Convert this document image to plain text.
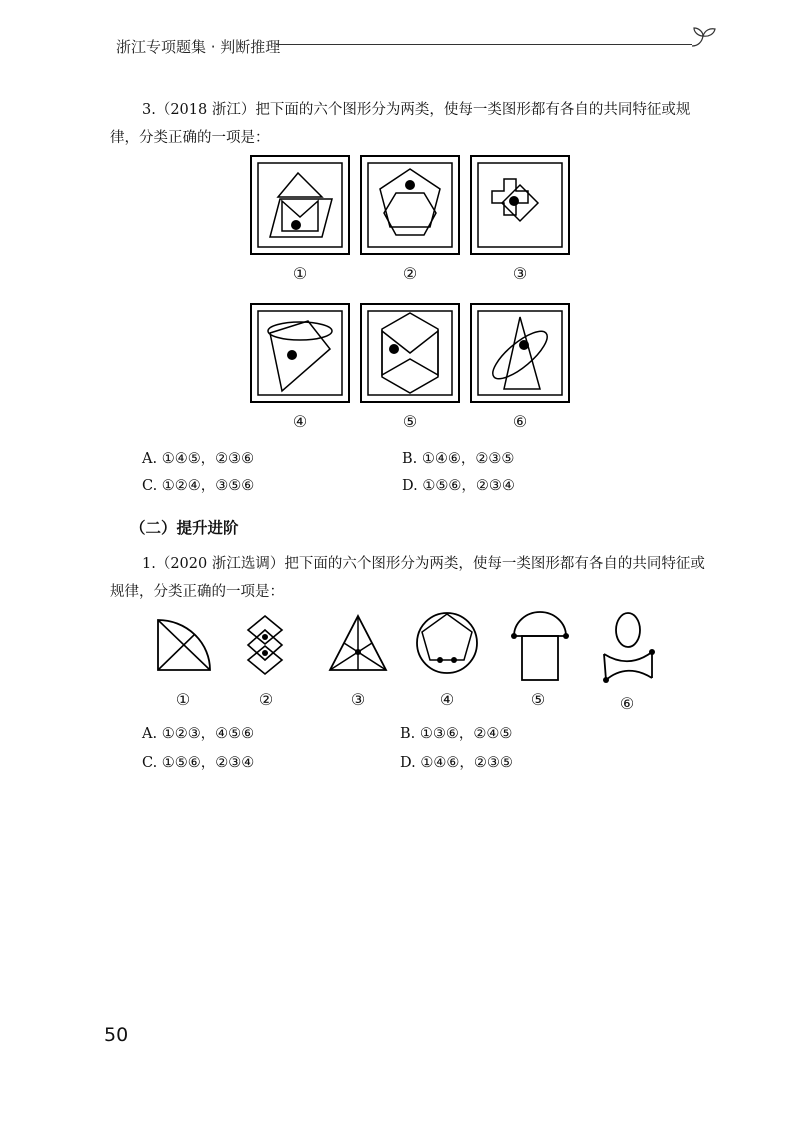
浙江专项题集 · 判断推理
3.（2018 浙江）把下面的六个图形分为两类，使每一类图形都有各自的共同特征或规律，分类正确的一项是：
①	②	③
④	⑤	⑥
A. ①④⑤，②③⑥	B. ①④⑥，②③⑤
C. ①②④，③⑤⑥	D. ①⑤⑥，②③④
（二）提升进阶
1.（2020 浙江选调）把下面的六个图形分为两类，使每一类图形都有各自的共同特征或规律，分类正确的一项是：
①	②	③	④	⑤	⑥
A. ①②③，④⑤⑥	B. ①③⑥，②④⑤
C. ①⑤⑥，②③④	D. ①④⑥，②③⑤
50
